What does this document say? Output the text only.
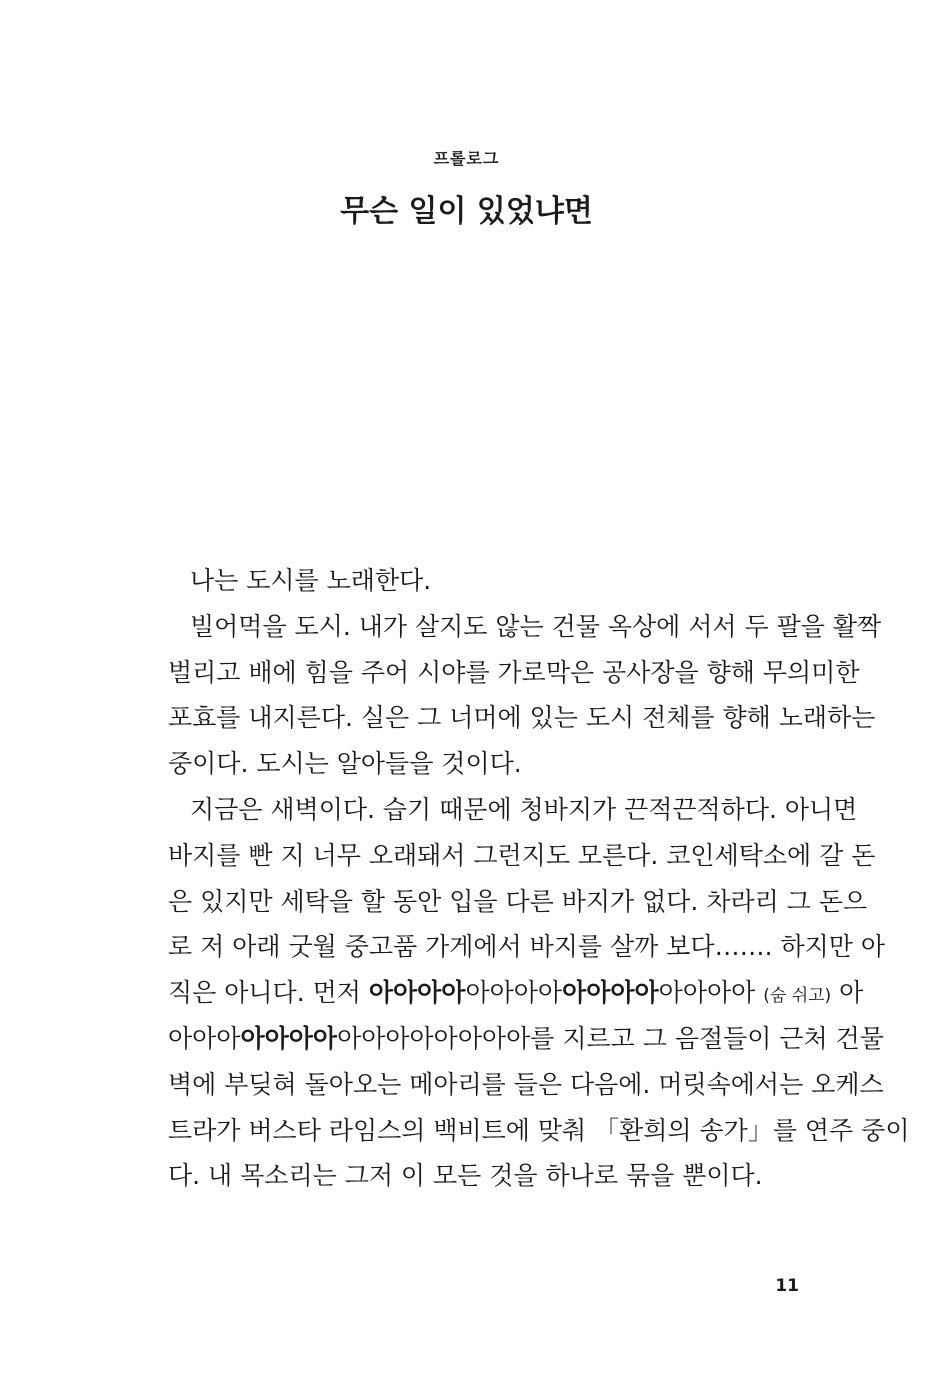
프롤로그
무슨 일이 있었냐면
나는 도시를 노래한다.
빌어먹을 도시. 내가 살지도 않는 건물 옥상에 서서 두 팔을 활짝
벌리고 배에 힘을 주어 시야를 가로막은 공사장을 향해 무의미한
포효를 내지른다. 실은 그 너머에 있는 도시 전체를 향해 노래하는
중이다. 도시는 알아들을 것이다.
지금은 새벽이다. 습기 때문에 청바지가 끈적끈적하다. 아니면
바지를 빤 지 너무 오래돼서 그런지도 모른다. 코인세탁소에 갈 돈
은 있지만 세탁을 할 동안 입을 다른 바지가 없다. 차라리 그 돈으
로 저 아래 굿월 중고품 가게에서 바지를 살까 보다……. 하지만 아
직은 아니다. 먼저 아아아아아아아아아아아아아아아아 (숨 쉬고) 아
아아아아아아아아아아아아아아아를 지르고 그 음절들이 근처 건물
벽에 부딪혀 돌아오는 메아리를 들은 다음에. 머릿속에서는 오케스
트라가 버스타 라임스의 백비트에 맞춰 「환희의 송가」를 연주 중이
다. 내 목소리는 그저 이 모든 것을 하나로 묶을 뿐이다.
11
